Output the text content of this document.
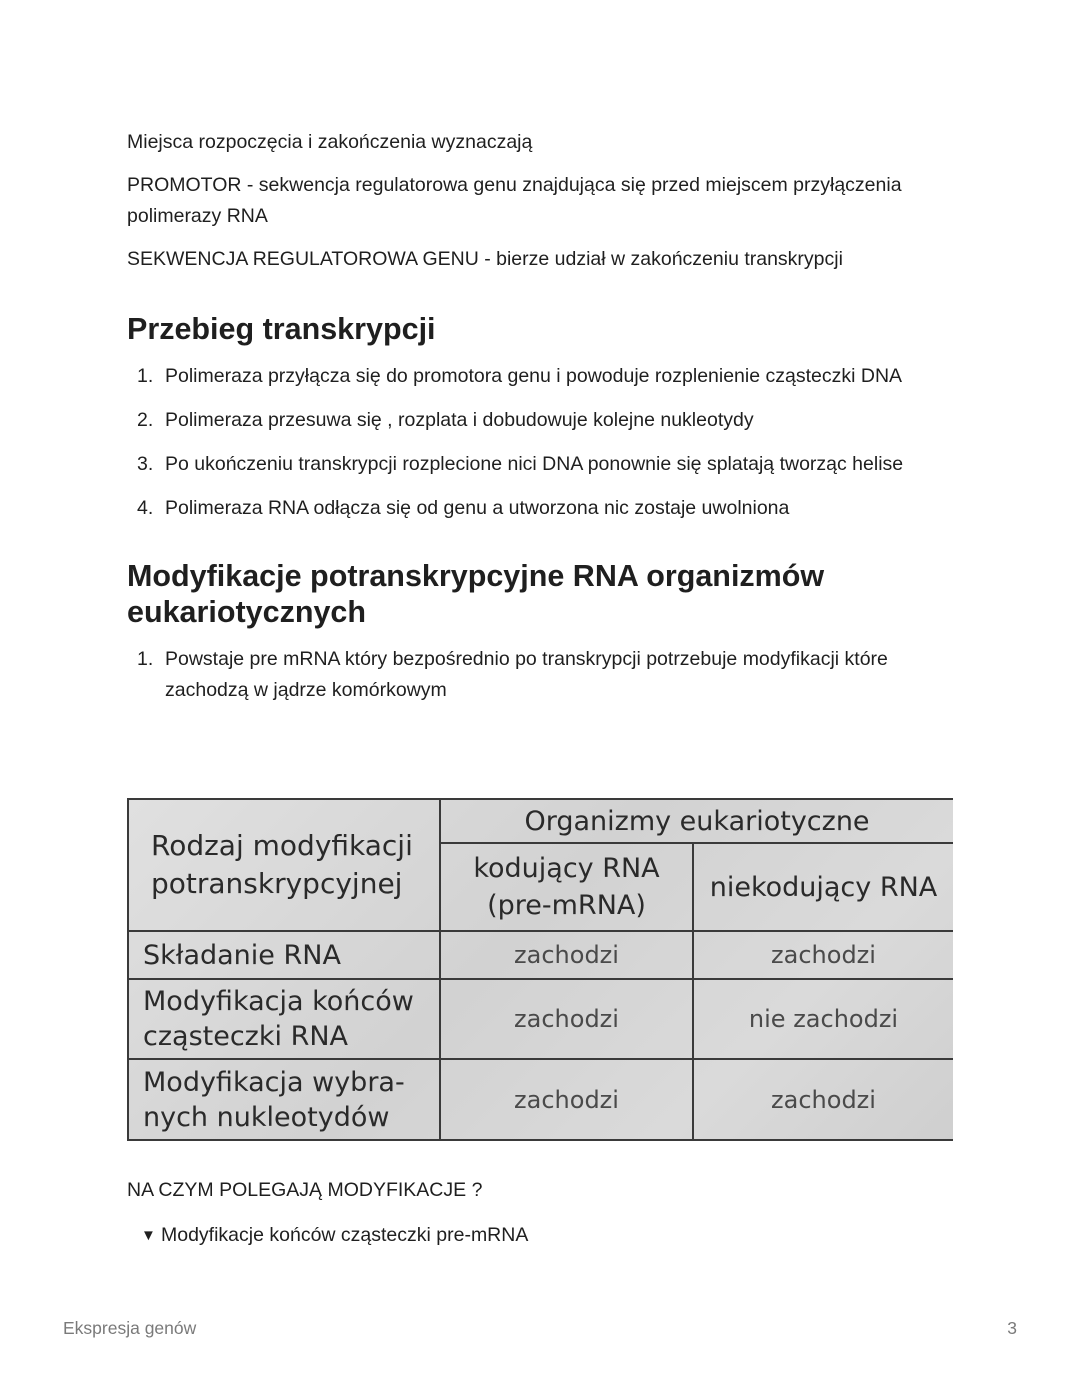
Miejsca rozpoczęcia i zakończenia wyznaczają

PROMOTOR - sekwencja regulatorowa genu znajdująca się przed miejscem przyłączenia polimerazy RNA

SEKWENCJA REGULATOROWA GENU - bierze udział w zakończeniu transkrypcji

Przebieg transkrypcji
1. Polimeraza przyłącza się do promotora genu i powoduje rozplenienie cząsteczki DNA
2. Polimeraza przesuwa się , rozplata i dobudowuje kolejne nukleotydy
3. Po ukończeniu transkrypcji rozplecione nici DNA ponownie się splatają tworząc helise
4. Polimeraza RNA odłącza się od genu a utworzona nic zostaje uwolniona
Modyfikacje potranskrypcyjne RNA organizmów eukariotycznych
1. Powstaje pre mRNA który bezpośrednio po transkrypcji potrzebuje modyfikacji które zachodzą w jądrze komórkowym
Rodzaj modyfikacji potranskrypcyjnej	Organizmy eukariotyczne	
	kodujący RNA (pre-mRNA)	niekodujący RNA
Składanie RNA	zachodzi	zachodzi
Modyfikacja końców cząsteczki RNA	zachodzi	nie zachodzi
Modyfikacja wybra-nych nukleotydów	zachodzi	zachodzi

NA CZYM POLEGAJĄ MODYFIKACJE ?

▼ Modyfikacje końców cząsteczki pre-mRNA
Ekspresja genów	3
